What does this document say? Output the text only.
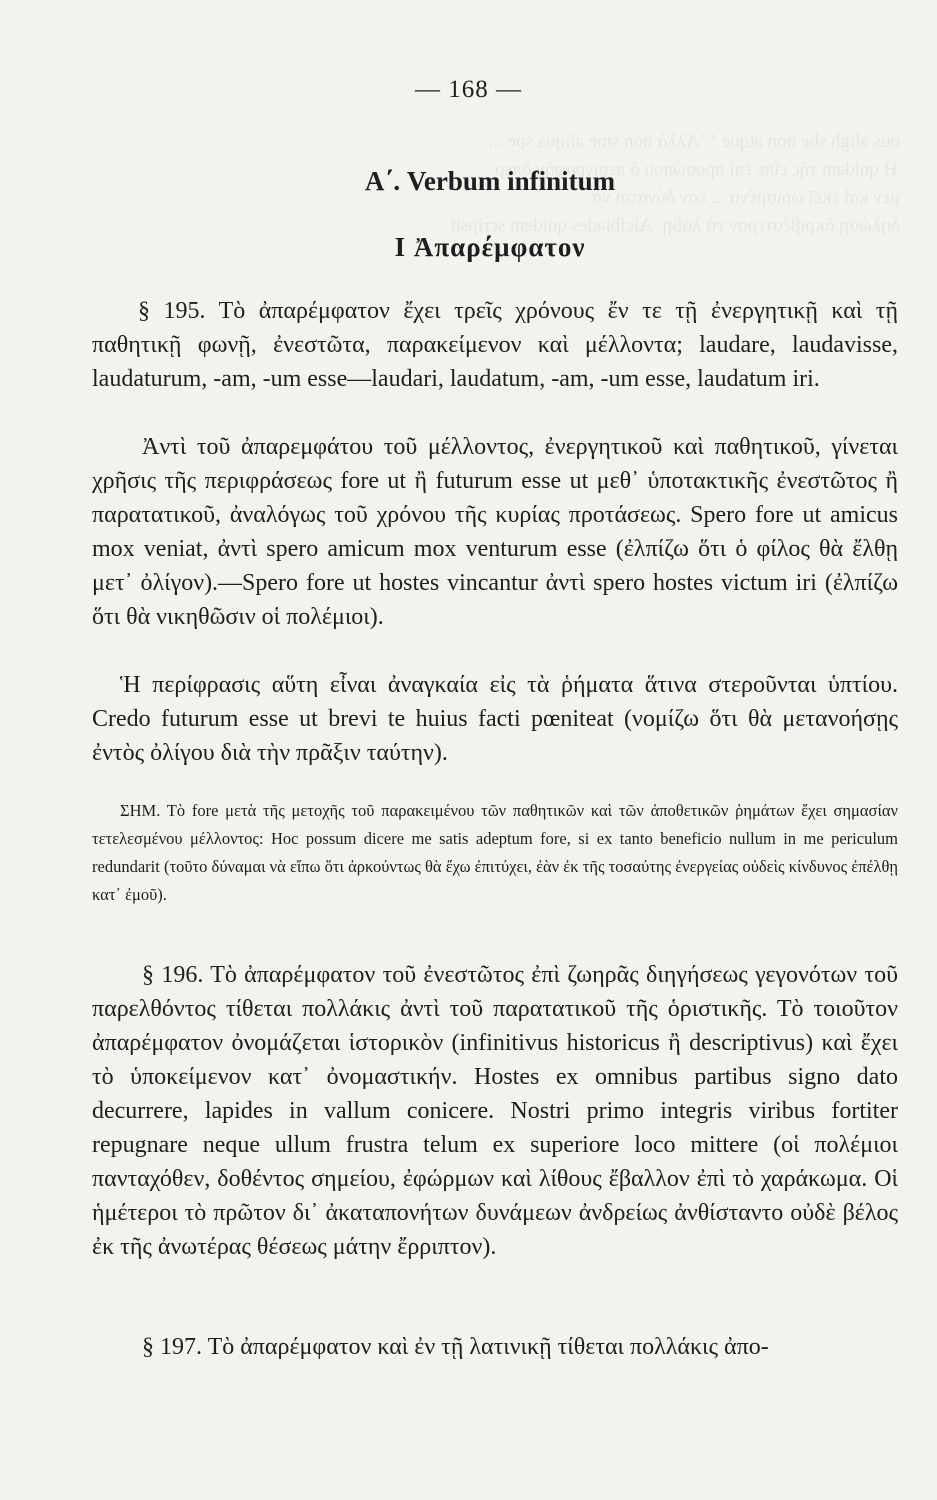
ous aligh sbe non atque ʼ ᾿Αλλὰ non sine aliqua spe ...
Ἡ quidam τῆς εἴπε ἐπὶ προσώπου ὀ περιγραφὴν ὅπερ
μὲν καὶ ἐκεῖ ὡρισμένα ... ἐὰν δύναται νὰ
δηλώσῃ ἀκριβέστερον νὰ λάβῃ. Alcibiades quidem scripsit
— 168 —
Α΄. Verbum infinitum
Ι Ἀπαρέμφατον

§ 195. Τὸ ἀπαρέμφατον ἔχει τρεῖς χρόνους ἔν τε τῇ ἐνεργητικῇ καὶ τῇ παθητικῇ φωνῇ, ἐνεστῶτα, παρακείμενον καὶ μέλλοντα; laudare, laudavisse, laudaturum, -am, -um esse—laudari, laudatum, -am, -um esse, laudatum iri.

Ἀντὶ τοῦ ἀπαρεμφάτου τοῦ μέλλοντος, ἐνεργητικοῦ καὶ παθητικοῦ, γίνεται χρῆσις τῆς περιφράσεως fore ut ἢ futurum esse ut μεθ᾽ ὑποτακτικῆς ἐνεστῶτος ἢ παρατατικοῦ, ἀναλόγως τοῦ χρόνου τῆς κυρίας προτάσεως. Spero fore ut amicus mox veniat, ἀντὶ spero amicum mox venturum esse (ἐλπίζω ὅτι ὁ φίλος θὰ ἔλθῃ μετ᾽ ὀλίγον).—Spero fore ut hostes vincantur ἀντὶ spero hostes victum iri (ἐλπίζω ὅτι θὰ νικηθῶσιν οἱ πολέμιοι).

Ἡ περίφρασις αὕτη εἶναι ἀναγκαία εἰς τὰ ῥήματα ἅτινα στεροῦνται ὑπτίου. Credo futurum esse ut brevi te huius facti pœniteat (νομίζω ὅτι θὰ μετανοήσῃς ἐντὸς ὀλίγου διὰ τὴν πρᾶξιν ταύτην).

ΣΗΜ. Τὸ fore μετὰ τῆς μετοχῆς τοῦ παρακειμένου τῶν παθητικῶν καὶ τῶν ἀποθετικῶν ῥημάτων ἔχει σημασίαν τετελεσμένου μέλλοντος: Hoc possum dicere me satis adeptum fore, si ex tanto beneficio nullum in me periculum redundarit (τοῦτο δύναμαι νὰ εἴπω ὅτι ἀρκούντως θὰ ἔχω ἐπιτύχει, ἐὰν ἐκ τῆς τοσαύτης ἐνεργείας οὐδεὶς κίνδυνος ἐπέλθῃ κατ᾽ ἐμοῦ).

§ 196. Τὸ ἀπαρέμφατον τοῦ ἐνεστῶτος ἐπὶ ζωηρᾶς διηγήσεως γεγονότων τοῦ παρελθόντος τίθεται πολλάκις ἀντὶ τοῦ παρατατικοῦ τῆς ὁριστικῆς. Τὸ τοιοῦτον ἀπαρέμφατον ὀνομάζεται ἱστορικὸν (infinitivus historicus ἢ descriptivus) καὶ ἔχει τὸ ὑποκείμενον κατ᾽ ὀνομαστικήν. Hostes ex omnibus partibus signo dato decurrere, lapides in vallum conicere. Nostri primo integris viribus fortiter repugnare neque ullum frustra telum ex superiore loco mittere (οἱ πολέμιοι πανταχόθεν, δοθέντος σημείου, ἐφώρμων καὶ λίθους ἔβαλλον ἐπὶ τὸ χαράκωμα. Οἱ ἡμέτεροι τὸ πρῶτον δι᾽ ἀκαταπονήτων δυνάμεων ἀνδρείως ἀνθίσταντο οὐδὲ βέλος ἐκ τῆς ἀνωτέρας θέσεως μάτην ἔρριπτον).

§ 197. Τὸ ἀπαρέμφατον καὶ ἐν τῇ λατινικῇ τίθεται πολλάκις ἀπο-
